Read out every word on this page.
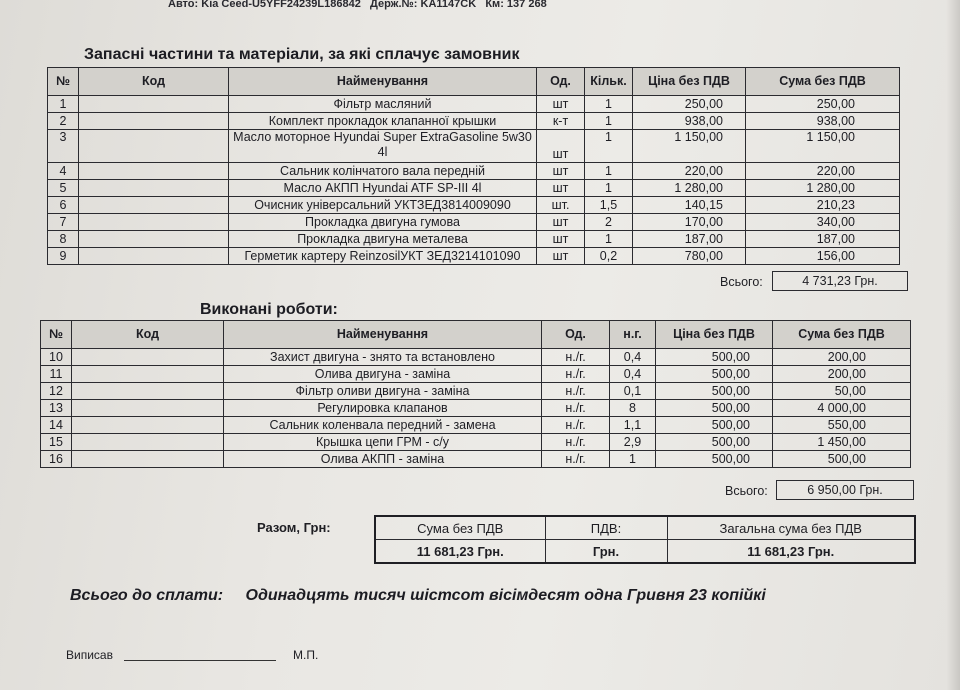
Авто: Kia Ceed-U5YFF24239L186842 Держ.№: KA1147CK Км: 137 268
Запасні частини та матеріали, за які сплачує замовник
№	Код	Найменування	Од.	Кільк.	Ціна без ПДВ	Сума без ПДВ
1		Фільтр масляний	шт	1	250,00	250,00
2		Комплект прокладок клапанної крышки	к-т	1	938,00	938,00
3		Масло моторное Hyundai Super ExtraGasoline 5w30 4l	шт	1	1 150,00	1 150,00
4		Сальник колінчатого вала передній	шт	1	220,00	220,00
5		Масло АКПП Hyundai ATF SP-III 4l	шт	1	1 280,00	1 280,00
6		Очисник універсальний УКТЗЕД3814009090	шт.	1,5	140,15	210,23
7		Прокладка двигуна гумова	шт	2	170,00	340,00
8		Прокладка двигуна металева	шт	1	187,00	187,00
9		Герметик картеру ReinzosilУКТ ЗЕД3214101090	шт	0,2	780,00	156,00
Всього:	4 731,23 Грн.
Виконані роботи:
№	Код	Найменування	Од.	н.г.	Ціна без ПДВ	Сума без ПДВ
10		Захист двигуна - знято та встановлено	н./г.	0,4	500,00	200,00
11		Олива двигуна - заміна	н./г.	0,4	500,00	200,00
12		Фільтр оливи двигуна - заміна	н./г.	0,1	500,00	50,00
13		Регулировка клапанов	н./г.	8	500,00	4 000,00
14		Сальник коленвала передний - замена	н./г.	1,1	500,00	550,00
15		Крышка цепи ГРМ - с/у	н./г.	2,9	500,00	1 450,00
16		Олива АКПП - заміна	н./г.	1	500,00	500,00
Всього:	6 950,00 Грн.
Разом, Грн:	Сума без ПДВ	ПДВ:	Загальна сума без ПДВ
11 681,23 Грн.	Грн.	11 681,23 Грн.
Всього до сплати: Одинадцять тисяч шістсот вісімдесят одна Гривня 23 копійкі
Виписав	М.П.
